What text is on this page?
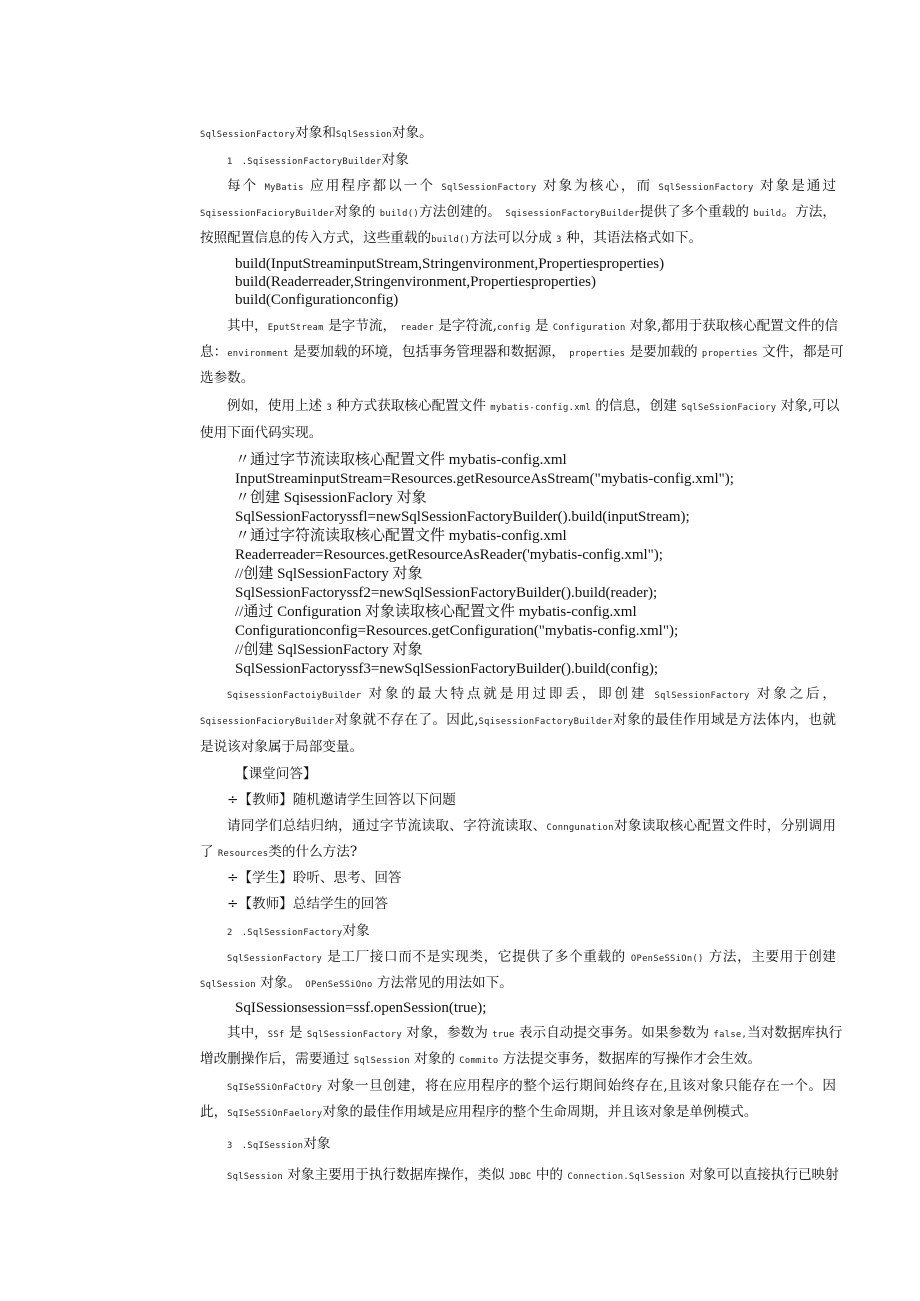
SqlSessionFactory对象和SqlSession对象。
1　.SqisessionFactoryBuilder对象
每个 MyBatis 应用程序都以一个 SqlSessionFactory 对象为核心，而 SqlSessionFactory 对象是通过
SqisessionFacioryBuilder对象的 build()方法创建的。 SqisessionFactoryBuilder提供了多个重载的 build。方法，
按照配置信息的传入方式，这些重载的build()方法可以分成 3 种，其语法格式如下。
build(InputStreaminputStream,Stringenvironment,Propertiesproperties)
build(Readerreader,Stringenvironment,Propertiesproperties)
build(Configurationconfig)
其中，EputStream 是字节流， reader 是字符流,config 是 Configuration 对象,都用于获取核心配置文件的信
息：environment 是要加载的环境，包括事务管理器和数据源， properties 是要加载的 properties 文件，都是可
选参数。
例如，使用上述 3 种方式获取核心配置文件 mybatis-config.xml 的信息，创建 SqlSeSsionFaciory 对象,可以
使用下面代码实现。
〃通过字节流读取核心配置文件 mybatis-config.xml
InputStreaminputStream=Resources.getResourceAsStream("mybatis-config.xml");
〃创建 SqisessionFaclory 对象
SqlSessionFactoryssfl=newSqlSessionFactoryBuilder().build(inputStream);
〃通过字符流读取核心配置文件 mybatis-config.xml
Readerreader=Resources.getResourceAsReader('mybatis-config.xml");
//创建 SqlSessionFactory 对象
SqlSessionFactoryssf2=newSqlSessionFactoryBuilder().build(reader);
//通过 Configuration 对象读取核心配置文件 mybatis-config.xml
Configurationconfig=Resources.getConfiguration("mybatis-config.xml");
//创建 SqlSessionFactory 对象
SqlSessionFactoryssf3=newSqlSessionFactoryBuilder().build(config);
SqisessionFactoiyBuilder 对象的最大特点就是用过即丢，即创建 SqlSessionFactory 对象之后，
SqisessionFacioryBuilder对象就不存在了。因此,SqisessionFactoryBuilder对象的最佳作用域是方法体内，也就
是说该对象属于局部变量。
【课堂问答】
÷【教师】随机邀请学生回答以下问题
请同学们总结归纳，通过字节流读取、字符流读取、Conngunation对象读取核心配置文件时，分别调用
了 Resources类的什么方法?
÷【学生】聆听、思考、回答
÷【教师】总结学生的回答
2　.SqlSessionFactory对象
SqlSessionFactory 是工厂接口而不是实现类，它提供了多个重载的 OPenSeSSiOn() 方法，主要用于创建
SqlSession 对象。 OPenSeSSiOno 方法常见的用法如下。
SqISessionsession=ssf.openSession(true);
其中，SSf 是 SqlSessionFactory 对象，参数为 true 表示自动提交事务。如果参数为 false,当对数据库执行
增改删操作后，需要通过 SqlSession 对象的 Commito 方法提交事务，数据库的写操作才会生效。
SqISeSSiOnFaCtOry 对象一旦创建，将在应用程序的整个运行期间始终存在,且该对象只能存在一个。因
此，SqISeSSiOnFaelory对象的最佳作用域是应用程序的整个生命周期，并且该对象是单例模式。
3　.SqISession对象
SqlSession 对象主要用于执行数据库操作，类似 JDBC 中的 Connection.SqlSession 对象可以直接执行已映射
